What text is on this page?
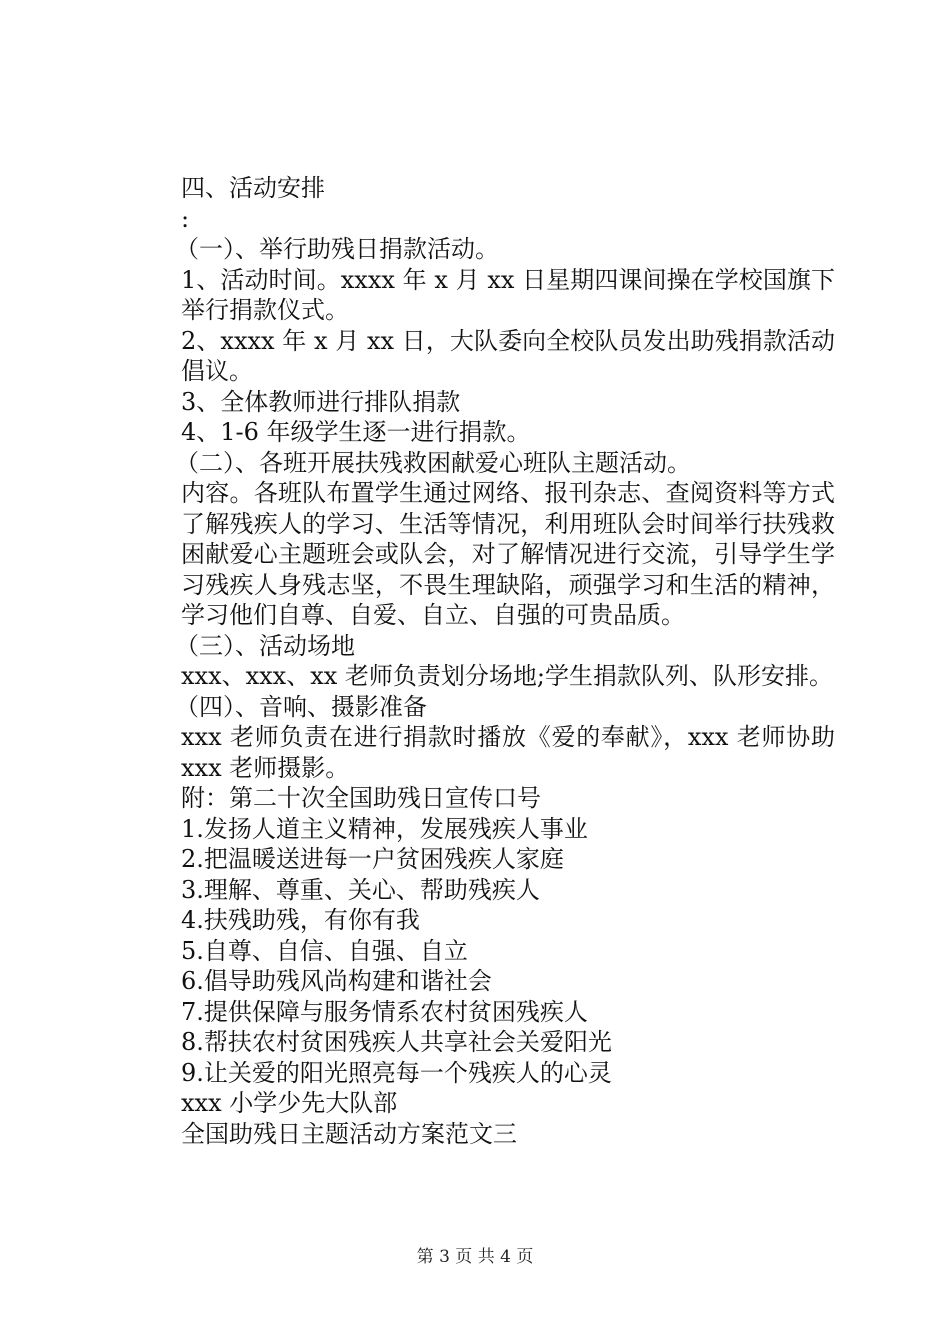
四、活动安排
:
（一）、举行助残日捐款活动。
1、活动时间。xxxx 年 x 月 xx 日星期四课间操在学校国旗下举行捐款仪式。
2、xxxx 年 x 月 xx 日，大队委向全校队员发出助残捐款活动倡议。
3、全体教师进行排队捐款
4、1-6 年级学生逐一进行捐款。
（二）、各班开展扶残救困献爱心班队主题活动。
内容。各班队布置学生通过网络、报刊杂志、查阅资料等方式了解残疾人的学习、生活等情况，利用班队会时间举行扶残救困献爱心主题班会或队会，对了解情况进行交流，引导学生学习残疾人身残志坚，不畏生理缺陷，顽强学习和生活的精神，学习他们自尊、自爱、自立、自强的可贵品质。
（三）、活动场地
xxx、xxx、xx 老师负责划分场地;学生捐款队列、队形安排。
（四）、音响、摄影准备
xxx 老师负责在进行捐款时播放《爱的奉献》，xxx 老师协助 xxx 老师摄影。
附：第二十次全国助残日宣传口号
1.发扬人道主义精神，发展残疾人事业
2.把温暖送进每一户贫困残疾人家庭
3.理解、尊重、关心、帮助残疾人
4.扶残助残，有你有我
5.自尊、自信、自强、自立
6.倡导助残风尚构建和谐社会
7.提供保障与服务情系农村贫困残疾人
8.帮扶农村贫困残疾人共享社会关爱阳光
9.让关爱的阳光照亮每一个残疾人的心灵
xxx 小学少先大队部
全国助残日主题活动方案范文三
第 3 页 共 4 页
